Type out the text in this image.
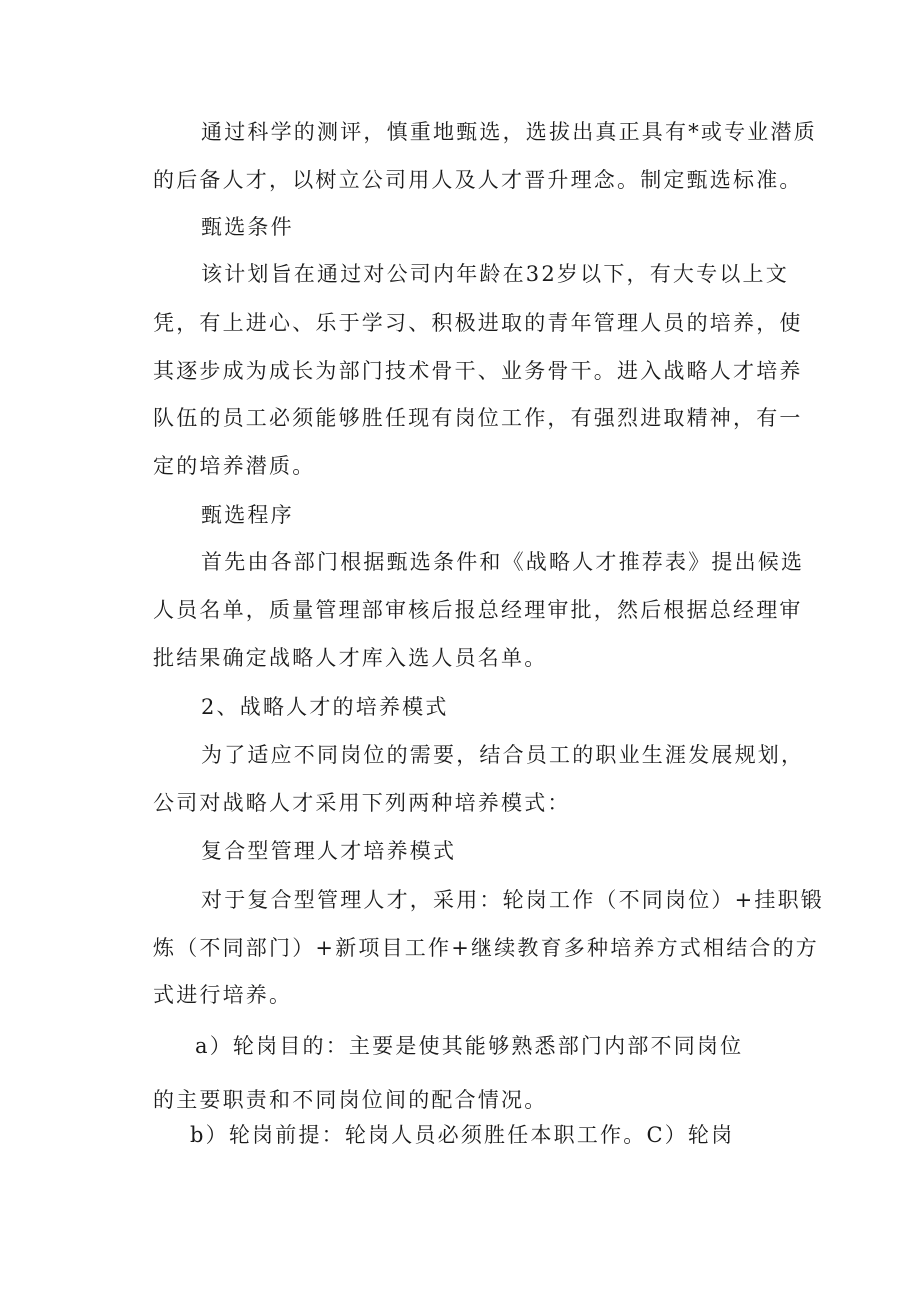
通过科学的测评，慎重地甄选，选拔出真正具有*或专业潜质
的后备人才，以树立公司用人及人才晋升理念。制定甄选标准。
甄选条件
该计划旨在通过对公司内年龄在32岁以下，有大专以上文
凭，有上进心、乐于学习、积极进取的青年管理人员的培养，使
其逐步成为成长为部门技术骨干、业务骨干。进入战略人才培养
队伍的员工必须能够胜任现有岗位工作，有强烈进取精神，有一
定的培养潜质。
甄选程序
首先由各部门根据甄选条件和《战略人才推荐表》提出候选
人员名单，质量管理部审核后报总经理审批，然后根据总经理审
批结果确定战略人才库入选人员名单。
2、战略人才的培养模式
为了适应不同岗位的需要，结合员工的职业生涯发展规划，
公司对战略人才采用下列两种培养模式：
复合型管理人才培养模式
对于复合型管理人才，采用：轮岗工作（不同岗位）+挂职锻
炼（不同部门）+新项目工作+继续教育多种培养方式相结合的方
式进行培养。
a）轮岗目的：主要是使其能够熟悉部门内部不同岗位
的主要职责和不同岗位间的配合情况。
b）轮岗前提：轮岗人员必须胜任本职工作。C）轮岗
